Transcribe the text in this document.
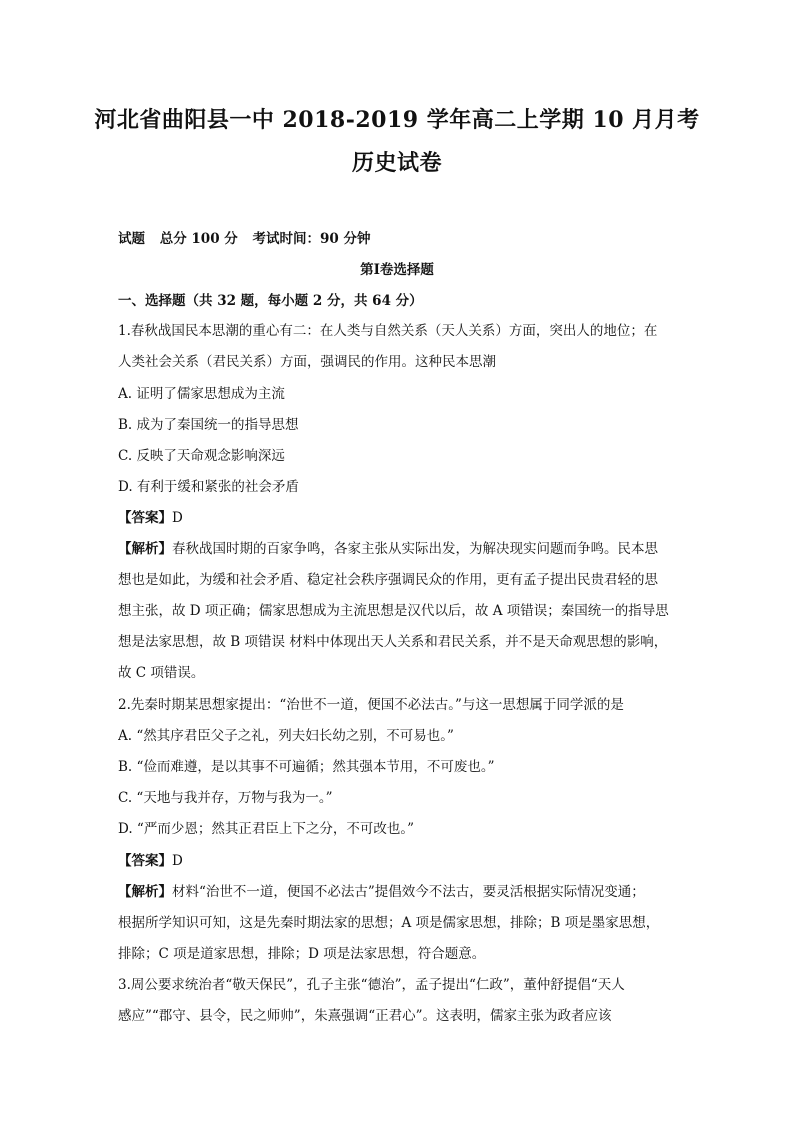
河北省曲阳县一中 2018-2019 学年高二上学期 10 月月考
历史试卷
试题 总分 100 分 考试时间：90 分钟
第Ⅰ卷选择题
一、选择题（共 32 题，每小题 2 分，共 64 分）
1.春秋战国民本思潮的重心有二：在人类与自然关系（天人关系）方面，突出人的地位；在
人类社会关系（君民关系）方面，强调民的作用。这种民本思潮
A. 证明了儒家思想成为主流
B. 成为了秦国统一的指导思想
C. 反映了天命观念影响深远
D. 有利于缓和紧张的社会矛盾
【答案】D
【解析】春秋战国时期的百家争鸣，各家主张从实际出发，为解决现实问题而争鸣。民本思
想也是如此，为缓和社会矛盾、稳定社会秩序强调民众的作用，更有孟子提出民贵君轻的思
想主张，故 D 项正确；儒家思想成为主流思想是汉代以后，故 A 项错误；秦国统一的指导思
想是法家思想，故 B 项错误 材料中体现出天人关系和君民关系，并不是天命观思想的影响，
故 C 项错误。
2.先秦时期某思想家提出：“治世不一道，便国不必法古。”与这一思想属于同学派的是
A. “然其序君臣父子之礼，列夫妇长幼之别，不可易也。”
B. “俭而难遵，是以其事不可遍循；然其强本节用，不可废也。”
C. “天地与我并存，万物与我为一。”
D. “严而少恩；然其正君臣上下之分，不可改也。”
【答案】D
【解析】材料“治世不一道，便国不必法古”提倡效今不法古，要灵活根据实际情况变通；
根据所学知识可知，这是先秦时期法家的思想；A 项是儒家思想，排除；B 项是墨家思想，
排除；C 项是道家思想，排除；D 项是法家思想，符合题意。
3.周公要求统治者“敬天保民”，孔子主张“德治”，孟子提出“仁政”，董仲舒提倡“天人
感应”“郡守、县令，民之师帅”，朱熹强调“正君心”。这表明，儒家主张为政者应该
